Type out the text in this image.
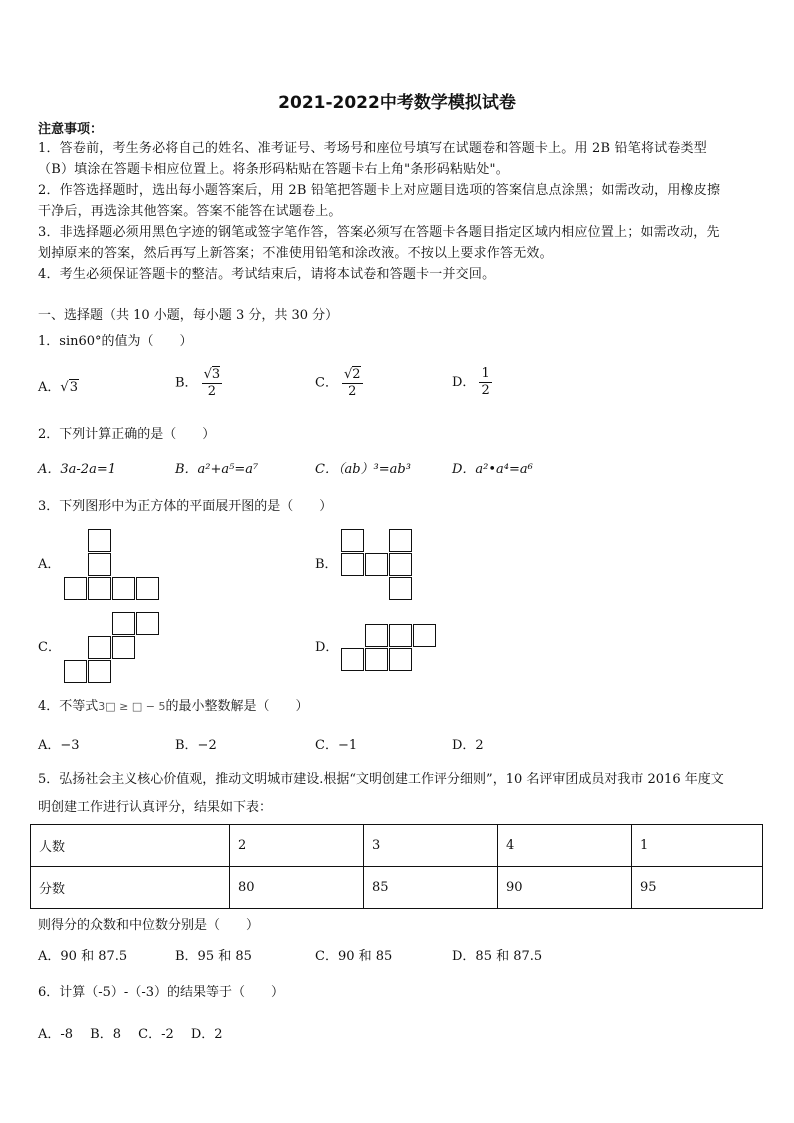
2021-2022中考数学模拟试卷
注意事项：
1．答卷前，考生务必将自己的姓名、准考证号、考场号和座位号填写在试题卷和答题卡上。用 2B 铅笔将试卷类型
（B）填涂在答题卡相应位置上。将条形码粘贴在答题卡右上角"条形码粘贴处"。
2．作答选择题时，选出每小题答案后，用 2B 铅笔把答题卡上对应题目选项的答案信息点涂黑；如需改动，用橡皮擦
干净后，再选涂其他答案。答案不能答在试题卷上。
3．非选择题必须用黑色字迹的钢笔或签字笔作答，答案必须写在答题卡各题目指定区域内相应位置上；如需改动，先
划掉原来的答案，然后再写上新答案；不准使用铅笔和涂改液。不按以上要求作答无效。
4．考生必须保证答题卡的整洁。考试结束后，请将本试卷和答题卡一并交回。
一、选择题（共 10 小题，每小题 3 分，共 30 分）
1．sin60°的值为（　　）
A．√3	B． $\frac{√3}{2}$	C． $\frac{√2}{2}$	D． $\frac{1}{2}$
2．下列计算正确的是（　　）
A．3a-2a=1	B．a²+a⁵=a⁷	C．（ab）³=ab³	D．a²•a⁴=a⁶
3．下列图形中为正方体的平面展开图的是（　　）
A．	B．
C．	D．
4．不等式3□ ≥ □ − 5的最小整数解是（　　）
A．−3	B．−2	C．−1	D．2
5．弘扬社会主义核心价值观，推动文明城市建设.根据“文明创建工作评分细则”，10 名评审团成员对我市 2016 年度文
明创建工作进行认真评分，结果如下表：
人数	2	3	4	1
分数	80	85	90	95
则得分的众数和中位数分别是（　　）
A．90 和 87.5	B．95 和 85	C．90 和 85	D．85 和 87.5
6．计算（-5）-（-3）的结果等于（　　）
A．-8　 B．8　 C．-2　 D．2
